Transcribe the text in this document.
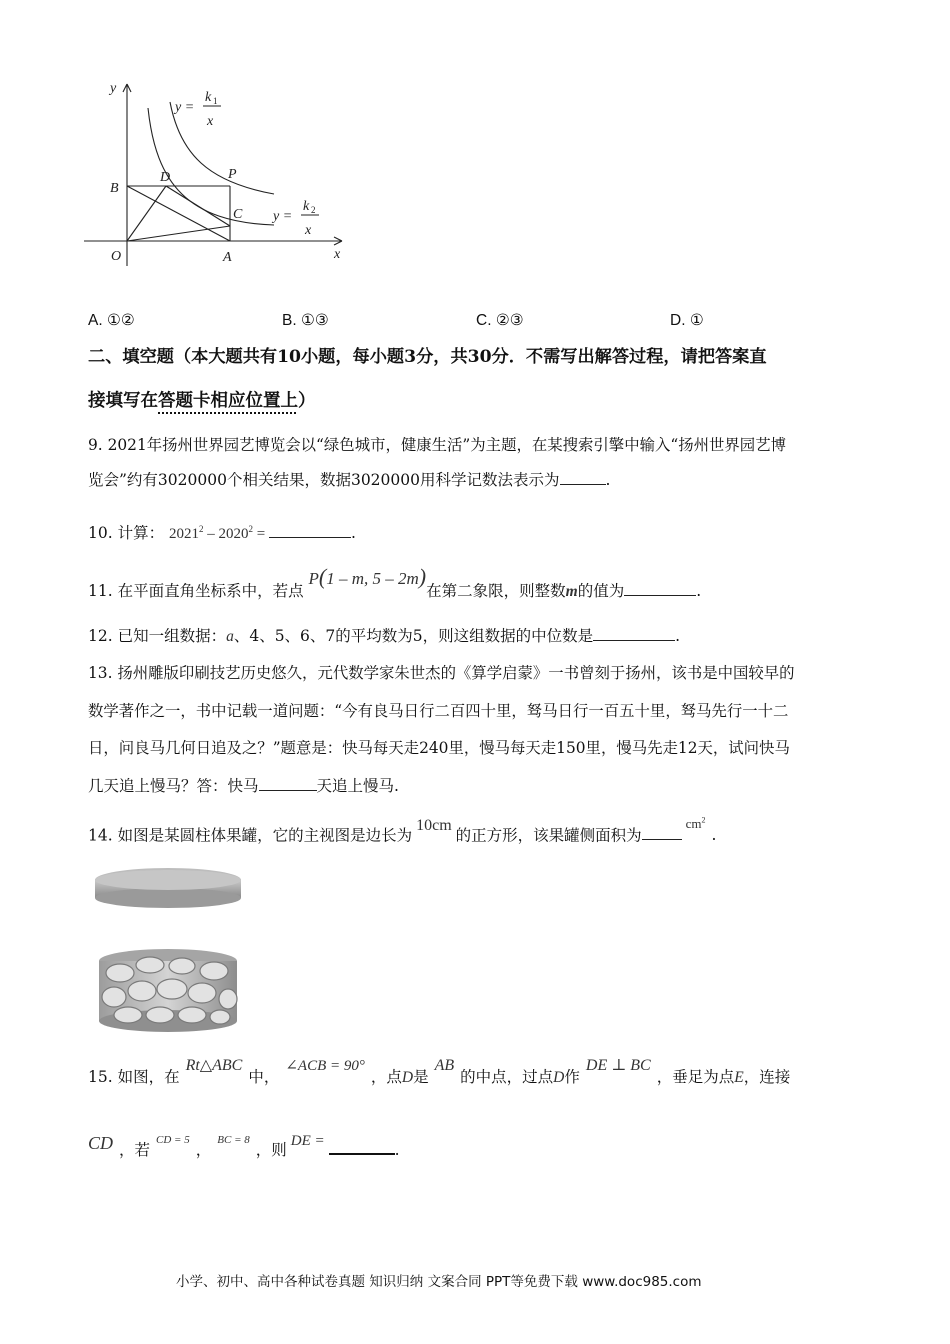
y
x
O
B
D	P
C
A
y =
k 1
x
y =
k 2
x
A. ①②	B. ①③	C. ②③	D. ①
二、填空题（本大题共有10小题，每小题3分，共30分．不需写出解答过程，请把答案直
接填写在答题卡相应位置上）
9. 2021年扬州世界园艺博览会以“绿色城市，健康生活”为主题，在某搜索引擎中输入“扬州世界园艺博
览会”约有3020000个相关结果，数据3020000用科学记数法表示为	.
10. 计算： $2021^2 - 2020^2$ =	.
11. 在平面直角坐标系中，若点 P(1 – m, 5 – 2m)在第二象限，则整数m的值为	.
12. 已知一组数据：a、4、5、6、7的平均数为5，则这组数据的中位数是	.
13. 扬州雕版印刷技艺历史悠久，元代数学家朱世杰的《算学启蒙》一书曾刻于扬州，该书是中国较早的
数学著作之一，书中记载一道问题：“今有良马日行二百四十里，驽马日行一百五十里，驽马先行一十二
日，问良马几何日追及之？”题意是：快马每天走240里，慢马每天走150里，慢马先走12天，试问快马
几天追上慢马？答：快马	天追上慢马.
14. 如图是某圆柱体果罐，它的主视图是边长为10cm的正方形，该果罐侧面积为$^{cm^2}$.
15. 如图，在Rt△ABC中，∠ACB = 90°，点D是AB的中点，过点D作DE ⊥ BC，垂足为点E，连接
CD ，若$^{CD = 5}$，$^{BC = 8}$，则 DE =	.
小学、初中、高中各种试卷真题 知识归纳 文案合同 PPT等免费下载 www.doc985.com
